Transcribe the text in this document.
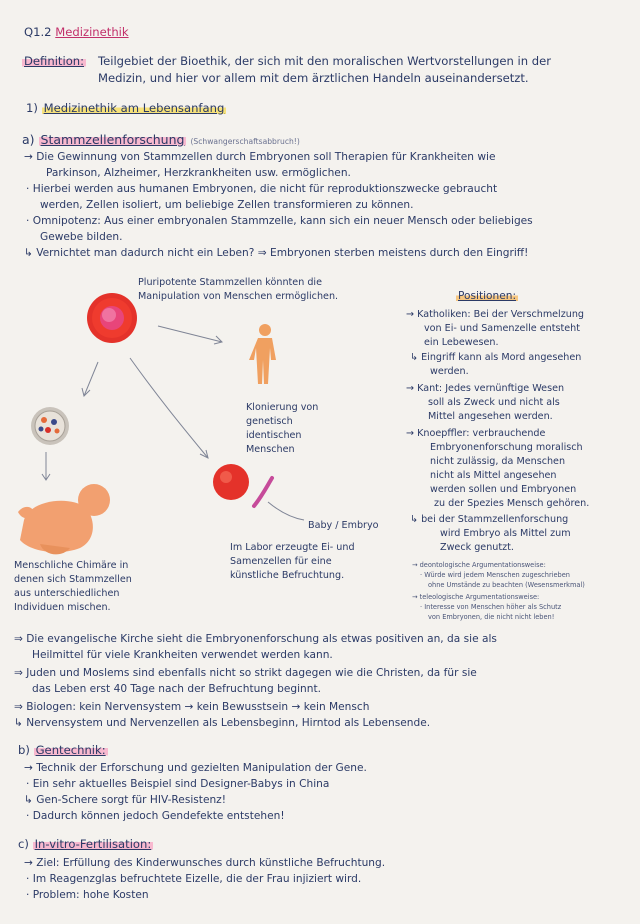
Q1.2 Medizinethik
Definition: Teilgebiet der Bioethik, der sich mit den moralischen Wertvorstellungen in der
Medizin, und hier vor allem mit dem ärztlichen Handeln auseinandersetzt.
1) Medizinethik am Lebensanfang
a) Stammzellenforschung (Schwangerschaftsabbruch!)
→ Die Gewinnung von Stammzellen durch Embryonen soll Therapien für Krankheiten wie
Parkinson, Alzheimer, Herzkrankheiten usw. ermöglichen.
· Hierbei werden aus humanen Embryonen, die nicht für reproduktionszwecke gebraucht
werden, Zellen isoliert, um beliebige Zellen transformieren zu können.
· Omnipotenz: Aus einer embryonalen Stammzelle, kann sich ein neuer Mensch oder beliebiges
Gewebe bilden.
↳ Vernichtet man dadurch nicht ein Leben? ⇒ Embryonen sterben meistens durch den Eingriff!
Pluripotente Stammzellen könnten die
Manipulation von Menschen ermöglichen.
Klonierung von
genetisch
identischen
Menschen
Baby / Embryo
Im Labor erzeugte Ei- und
Samenzellen für eine
künstliche Befruchtung.
Menschliche Chimäre in
denen sich Stammzellen
aus unterschiedlichen
Individuen mischen.
Positionen:
→ Katholiken: Bei der Verschmelzung
von Ei- und Samenzelle entsteht
ein Lebewesen.
↳ Eingriff kann als Mord angesehen
werden.
→ Kant: Jedes vernünftige Wesen
soll als Zweck und nicht als
Mittel angesehen werden.
→ Knoepffler: verbrauchende
Embryonenforschung moralisch
nicht zulässig, da Menschen
nicht als Mittel angesehen
werden sollen und Embryonen
zu der Spezies Mensch gehören.
↳ bei der Stammzellenforschung
wird Embryo als Mittel zum
Zweck genutzt.
→ deontologische Argumentationsweise:
· Würde wird jedem Menschen zugeschrieben
ohne Umstände zu beachten (Wesensmerkmal)
→ teleologische Argumentationsweise:
· Interesse von Menschen höher als Schutz
von Embryonen, die nicht nicht leben!
⇒ Die evangelische Kirche sieht die Embryonenforschung als etwas positiven an, da sie als
Heilmittel für viele Krankheiten verwendet werden kann.
⇒ Juden und Moslems sind ebenfalls nicht so strikt dagegen wie die Christen, da für sie
das Leben erst 40 Tage nach der Befruchtung beginnt.
⇒ Biologen: kein Nervensystem → kein Bewusstsein → kein Mensch
↳ Nervensystem und Nervenzellen als Lebensbeginn, Hirntod als Lebensende.
b) Gentechnik:
→ Technik der Erforschung und gezielten Manipulation der Gene.
· Ein sehr aktuelles Beispiel sind Designer-Babys in China
↳ Gen-Schere sorgt für HIV-Resistenz!
· Dadurch können jedoch Gendefekte entstehen!
c) In-vitro-Fertilisation:
→ Ziel: Erfüllung des Kinderwunsches durch künstliche Befruchtung.
· Im Reagenzglas befruchtete Eizelle, die der Frau injiziert wird.
· Problem: hohe Kosten
